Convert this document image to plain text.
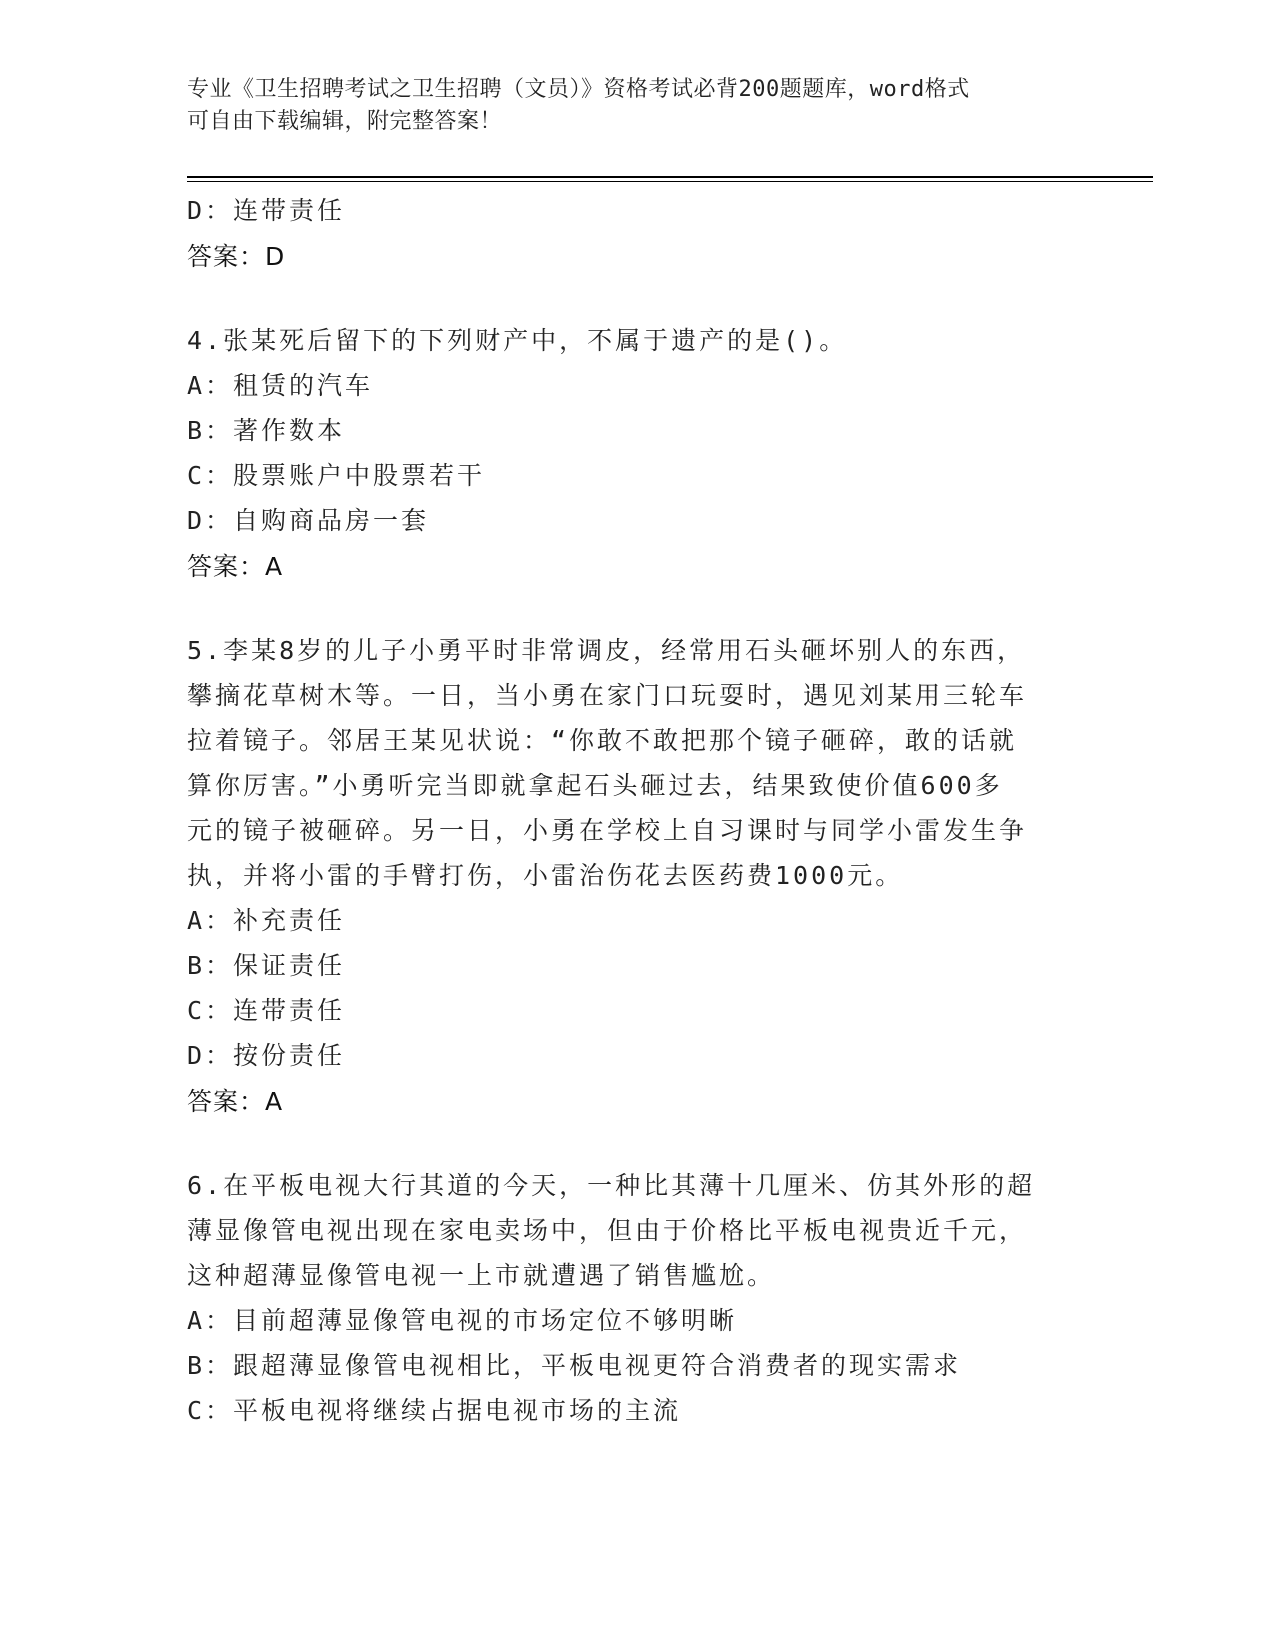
专业《卫生招聘考试之卫生招聘（文员）》资格考试必背200题题库，word格式
可自由下载编辑，附完整答案！
D：连带责任
答案：D
4.张某死后留下的下列财产中，不属于遗产的是()。
A：租赁的汽车
B：著作数本
C：股票账户中股票若干
D：自购商品房一套
答案：A
5.李某8岁的儿子小勇平时非常调皮，经常用石头砸坏别人的东西，
攀摘花草树木等。一日，当小勇在家门口玩耍时，遇见刘某用三轮车
拉着镜子。邻居王某见状说：“你敢不敢把那个镜子砸碎，敢的话就
算你厉害。”小勇听完当即就拿起石头砸过去，结果致使价值600多
元的镜子被砸碎。另一日，小勇在学校上自习课时与同学小雷发生争
执，并将小雷的手臂打伤，小雷治伤花去医药费1000元。
A：补充责任
B：保证责任
C：连带责任
D：按份责任
答案：A
6.在平板电视大行其道的今天，一种比其薄十几厘米、仿其外形的超
薄显像管电视出现在家电卖场中，但由于价格比平板电视贵近千元，
这种超薄显像管电视一上市就遭遇了销售尴尬。
A：目前超薄显像管电视的市场定位不够明晰
B：跟超薄显像管电视相比，平板电视更符合消费者的现实需求
C：平板电视将继续占据电视市场的主流
